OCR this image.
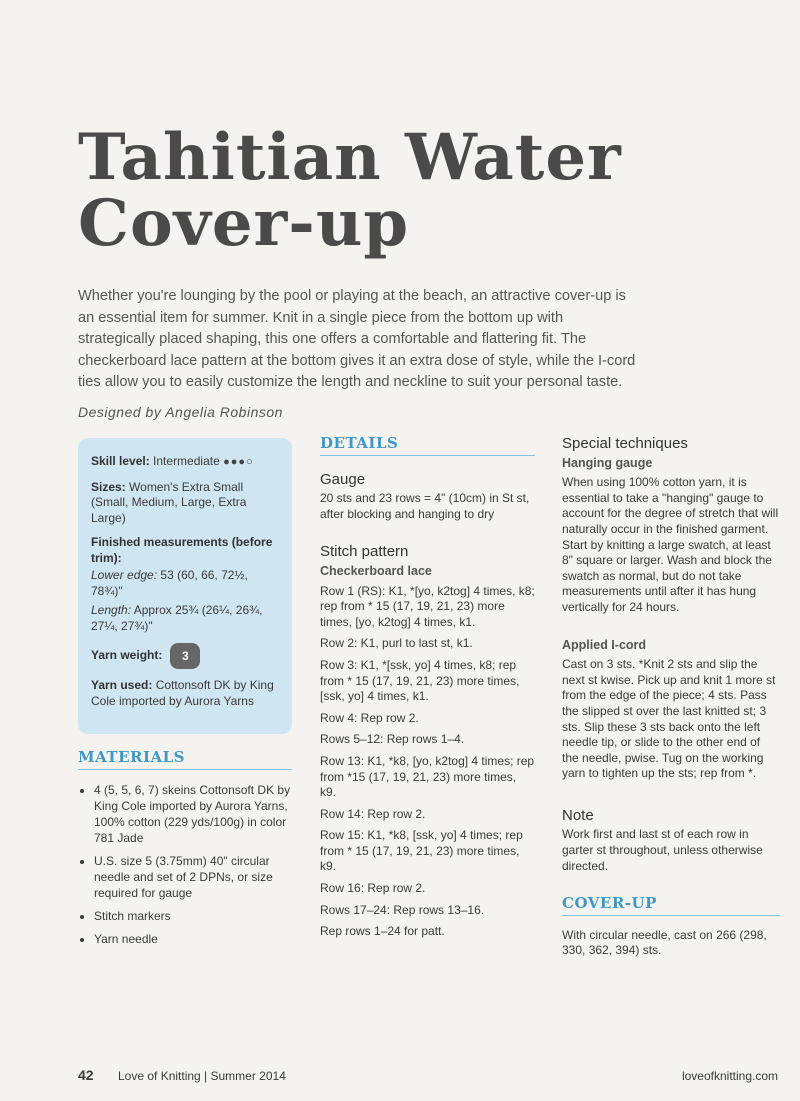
Tahitian Water Cover-up

Whether you're lounging by the pool or playing at the beach, an attractive cover-up is an essential item for summer. Knit in a single piece from the bottom up with strategically placed shaping, this one offers a comfortable and flattering fit. The checkerboard lace pattern at the bottom gives it an extra dose of style, while the I-cord ties allow you to easily customize the length and neckline to suit your personal taste.

Designed by Angelia Robinson

Skill level: Intermediate ●●●○

Sizes: Women's Extra Small (Small, Medium, Large, Extra Large)

Finished measurements (before trim):

Lower edge: 53 (60, 66, 72½, 78¾)"

Length: Approx 25¾ (26¼, 26¾, 27¼, 27¾)"

Yarn weight:	3

Yarn used: Cottonsoft DK by King Cole imported by Aurora Yarns

MATERIALS
• 4 (5, 5, 6, 7) skeins Cottonsoft DK by King Cole imported by Aurora Yarns, 100% cotton (229 yds/100g) in color 781 Jade
• U.S. size 5 (3.75mm) 40" circular needle and set of 2 DPNs, or size required for gauge
• Stitch markers
• Yarn needle
DETAILS
Gauge

20 sts and 23 rows = 4" (10cm) in St st, after blocking and hanging to dry

Stitch pattern
Checkerboard lace

Row 1 (RS): K1, *[yo, k2tog] 4 times, k8; rep from * 15 (17, 19, 21, 23) more times, [yo, k2tog] 4 times, k1.

Row 2: K1, purl to last st, k1.

Row 3: K1, *[ssk, yo] 4 times, k8; rep from * 15 (17, 19, 21, 23) more times, [ssk, yo] 4 times, k1.

Row 4: Rep row 2.

Rows 5–12: Rep rows 1–4.

Row 13: K1, *k8, [yo, k2tog] 4 times; rep from *15 (17, 19, 21, 23) more times, k9.

Row 14: Rep row 2.

Row 15: K1, *k8, [ssk, yo] 4 times; rep from * 15 (17, 19, 21, 23) more times, k9.

Row 16: Rep row 2.

Rows 17–24: Rep rows 13–16.

Rep rows 1–24 for patt.

Special techniques
Hanging gauge

When using 100% cotton yarn, it is essential to take a "hanging" gauge to account for the degree of stretch that will naturally occur in the finished garment. Start by knitting a large swatch, at least 8" square or larger. Wash and block the swatch as normal, but do not take measurements until after it has hung vertically for 24 hours.

Applied I-cord

Cast on 3 sts. *Knit 2 sts and slip the next st kwise. Pick up and knit 1 more st from the edge of the piece; 4 sts. Pass the slipped st over the last knitted st; 3 sts. Slip these 3 sts back onto the left needle tip, or slide to the other end of the needle, pwise. Tug on the working yarn to tighten up the sts; rep from *.

Note

Work first and last st of each row in garter st throughout, unless otherwise directed.

COVER-UP

With circular needle, cast on 266 (298, 330, 362, 394) sts.

42 Love of Knitting | Summer 2014	loveofknitting.com
